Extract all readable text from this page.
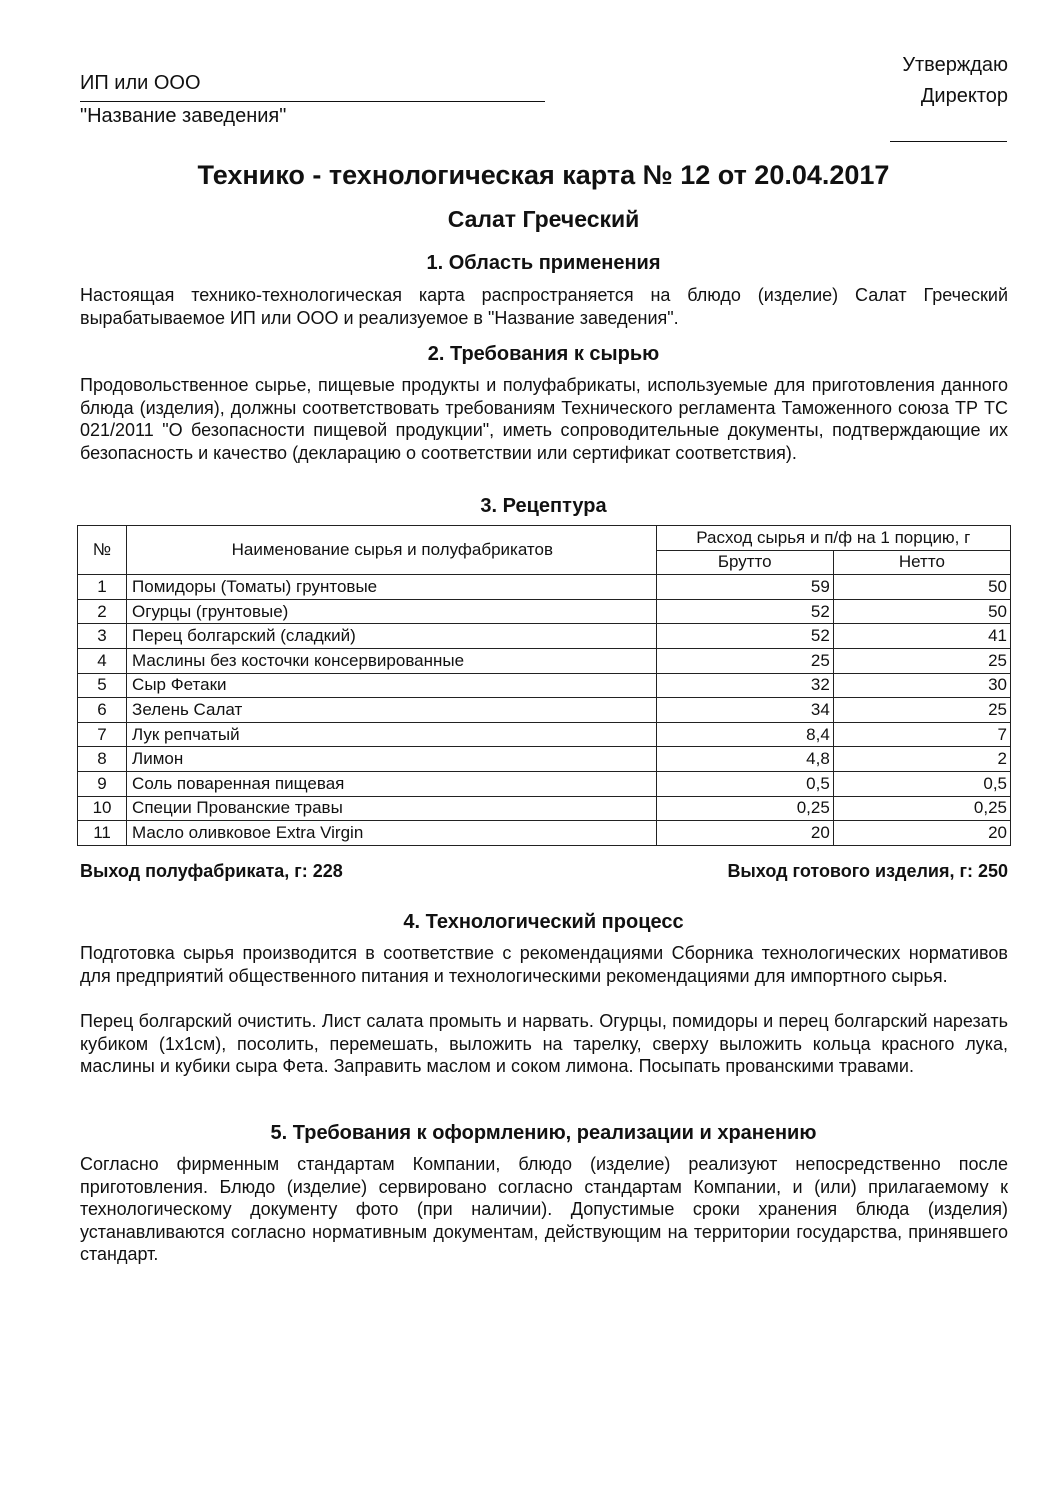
ИП или ООО
"Название заведения"
Утверждаю
Директор
Технико - технологическая карта № 12 от 20.04.2017
Салат Греческий
1. Область применения
Настоящая технико-технологическая карта распространяется на блюдо (изделие) Салат Греческий вырабатываемое ИП или ООО и реализуемое в "Название заведения".
2. Требования к сырью
Продовольственное сырье, пищевые продукты и полуфабрикаты, используемые для приготовления данного блюда (изделия), должны соответствовать требованиям Технического регламента Таможенного союза ТР ТС 021/2011 "О безопасности пищевой продукции", иметь сопроводительные документы, подтверждающие их безопасность и качество (декларацию о соответствии или сертификат соответствия).
3. Рецептура
№	Наименование сырья и полуфабрикатов	Расход сырья и п/ф на 1 порцию, г	
		Брутто	Нетто
1	Помидоры (Томаты) грунтовые	59	50
2	Огурцы (грунтовые)	52	50
3	Перец болгарский (сладкий)	52	41
4	Маслины без косточки консервированные	25	25
5	Сыр Фетаки	32	30
6	Зелень Салат	34	25
7	Лук репчатый	8,4	7
8	Лимон	4,8	2
9	Соль поваренная пищевая	0,5	0,5
10	Специи Прованские травы	0,25	0,25
11	Масло оливковое Extra Virgin	20	20
Выход полуфабриката, г: 228	Выход готового изделия, г: 250
4. Технологический процесс
Подготовка сырья производится в соответствие с рекомендациями Сборника технологических нормативов для предприятий общественного питания и технологическими рекомендациями для импортного сырья.
Перец болгарский очистить. Лист салата промыть и нарвать. Огурцы, помидоры и перец болгарский нарезать кубиком (1х1см), посолить, перемешать, выложить на тарелку, сверху выложить кольца красного лука, маслины и кубики сыра Фета. Заправить маслом и соком лимона. Посыпать прованскими травами.
5. Требования к оформлению, реализации и хранению
Согласно фирменным стандартам Компании, блюдо (изделие) реализуют непосредственно после приготовления. Блюдо (изделие) сервировано согласно стандартам Компании, и (или) прилагаемому к технологическому документу фото (при наличии). Допустимые сроки хранения блюда (изделия) устанавливаются согласно нормативным документам, действующим на территории государства, принявшего стандарт.
